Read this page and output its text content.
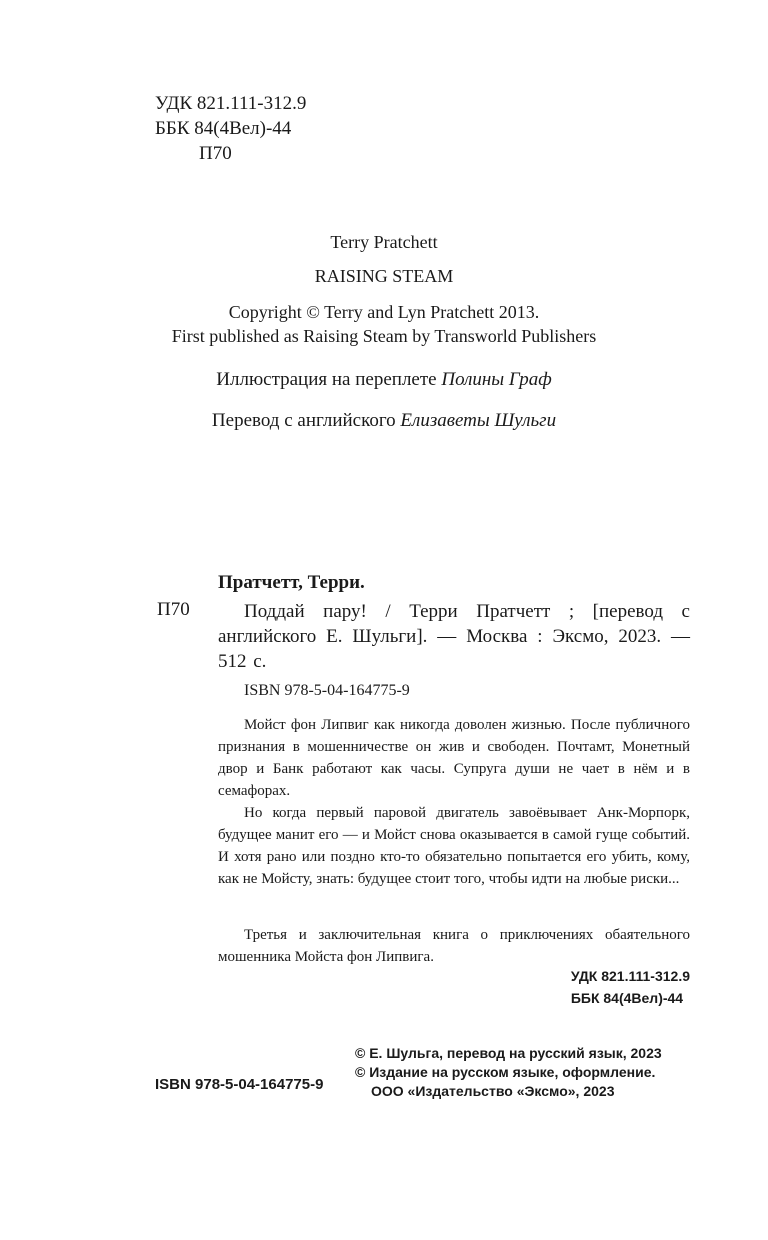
УДК 821.111-312.9
ББК 84(4Вел)-44
П70
Terry Pratchett
RAISING STEAM
Copyright © Terry and Lyn Pratchett 2013.
First published as Raising Steam by Transworld Publishers
Иллюстрация на переплете Полины Граф
Перевод с английского Елизаветы Шульги
Пратчетт, Терри.
П70	Поддай пару! / Терри Пратчетт ; [перевод с английского Е. Шульги]. — Москва : Эксмо, 2023. — 512 с.
ISBN 978-5-04-164775-9

Мойст фон Липвиг как никогда доволен жизнью. После публичного признания в мошенничестве он жив и свободен. Почтамт, Монетный двор и Банк работают как часы. Супруга души не чает в нём и в семафорах.

Но когда первый паровой двигатель завоёвывает Анк-Морпорк, будущее манит его — и Мойст снова оказывается в самой гуще событий. И хотя рано или поздно кто-то обязательно попытается его убить, кому, как не Мойсту, знать: будущее стоит того, чтобы идти на любые риски...

Третья и заключительная книга о приключениях обаятельного мошенника Мойста фон Липвига.

УДК 821.111-312.9
ББК 84(4Вел)-44
© Е. Шульга, перевод на русский язык, 2023
© Издание на русском языке, оформление.
ООО «Издательство «Эксмо», 2023
ISBN 978-5-04-164775-9
